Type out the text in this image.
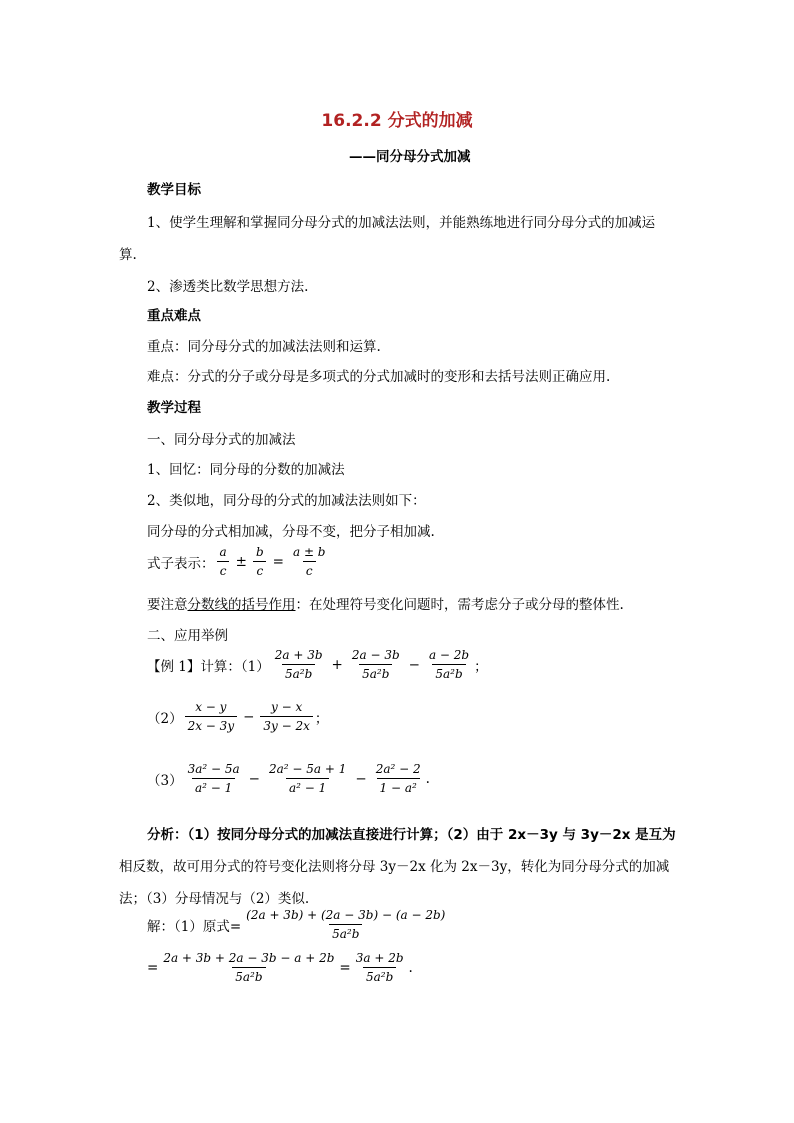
16.2.2 分式的加减
——同分母分式加减
教学目标
1、使学生理解和掌握同分母分式的加减法法则，并能熟练地进行同分母分式的加减运
算.
2、渗透类比数学思想方法.
重点难点
重点：同分母分式的加减法法则和运算.
难点：分式的分子或分母是多项式的分式加减时的变形和去括号法则正确应用.
教学过程
一、同分母分式的加减法
1、回忆：同分母的分数的加减法
2、类似地，同分母的分式的加减法法则如下：
同分母的分式相加减，分母不变，把分子相加减.
式子表示： $\frac{a}{c} \pm \frac{b}{c} = \frac{a \pm b}{c}$
要注意分数线的括号作用：在处理符号变化问题时，需考虑分子或分母的整体性.
二、应用举例
【例 1】计算：$(1) \frac{2a + 3b}{\text{5a²b}} + \frac{2a - 3b}{\text{5a²b}} - \frac{a - 2b}{\text{5a²b}}$ ；
$(2) \frac{x - y}{2x - 3y} - \frac{y - x}{3y - 2x}$ ；
$(3) \frac{\text{3a² − 5a}}{\text{a² − 1}} - \frac{\text{2a² − 5a + 1}}{\text{a² − 1}} - \frac{\text{2a² − 2}}{\text{1 − a²}}$ .
分析：（1）按同分母分式的加减法直接进行计算；（2）由于 2x－3y 与 3y－2x 是互为
相反数，故可用分式的符号变化法则将分母 3y－2x 化为 2x－3y，转化为同分母分式的加减
法；（3）分母情况与（2）类似.
解：（1）原式= $\frac{(2a + 3b) + (2a - 3b) - (a - 2b)}{\text{5a²b}}$
= $\frac{2a + 3b + 2a - 3b - a + 2b}{\text{5a²b}} = \frac{3a + 2b}{\text{5a²b}}$ .
